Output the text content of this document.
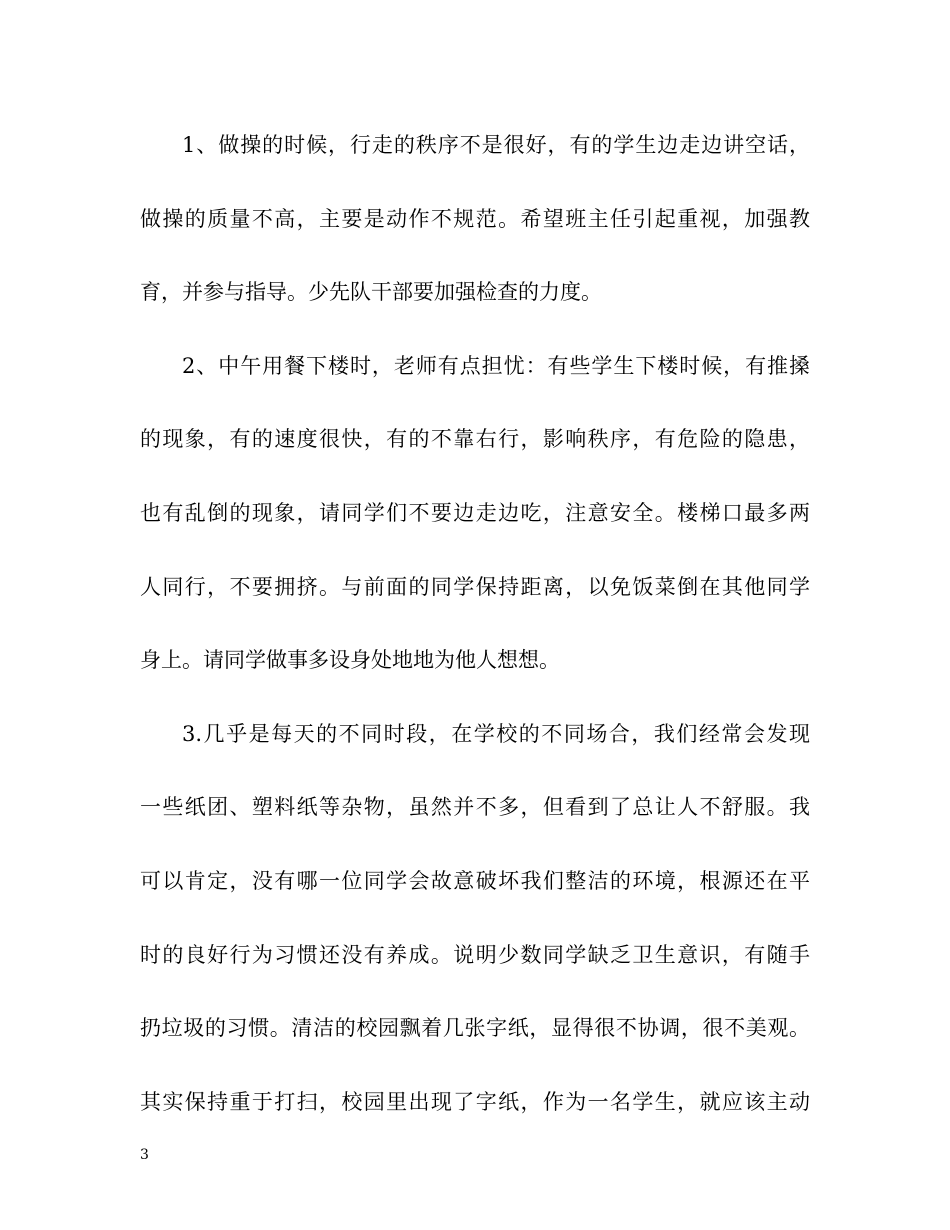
1、做操的时候，行走的秩序不是很好，有的学生边走边讲空话，
做操的质量不高，主要是动作不规范。希望班主任引起重视，加强教
育，并参与指导。少先队干部要加强检查的力度。
2、中午用餐下楼时，老师有点担忧：有些学生下楼时候，有推搡
的现象，有的速度很快，有的不靠右行，影响秩序，有危险的隐患，
也有乱倒的现象，请同学们不要边走边吃，注意安全。楼梯口最多两
人同行，不要拥挤。与前面的同学保持距离，以免饭菜倒在其他同学
身上。请同学做事多设身处地地为他人想想。
3.几乎是每天的不同时段，在学校的不同场合，我们经常会发现
一些纸团、塑料纸等杂物，虽然并不多，但看到了总让人不舒服。我
可以肯定，没有哪一位同学会故意破坏我们整洁的环境，根源还在平
时的良好行为习惯还没有养成。说明少数同学缺乏卫生意识，有随手
扔垃圾的习惯。清洁的校园飘着几张字纸，显得很不协调，很不美观。
其实保持重于打扫，校园里出现了字纸，作为一名学生，就应该主动
3
